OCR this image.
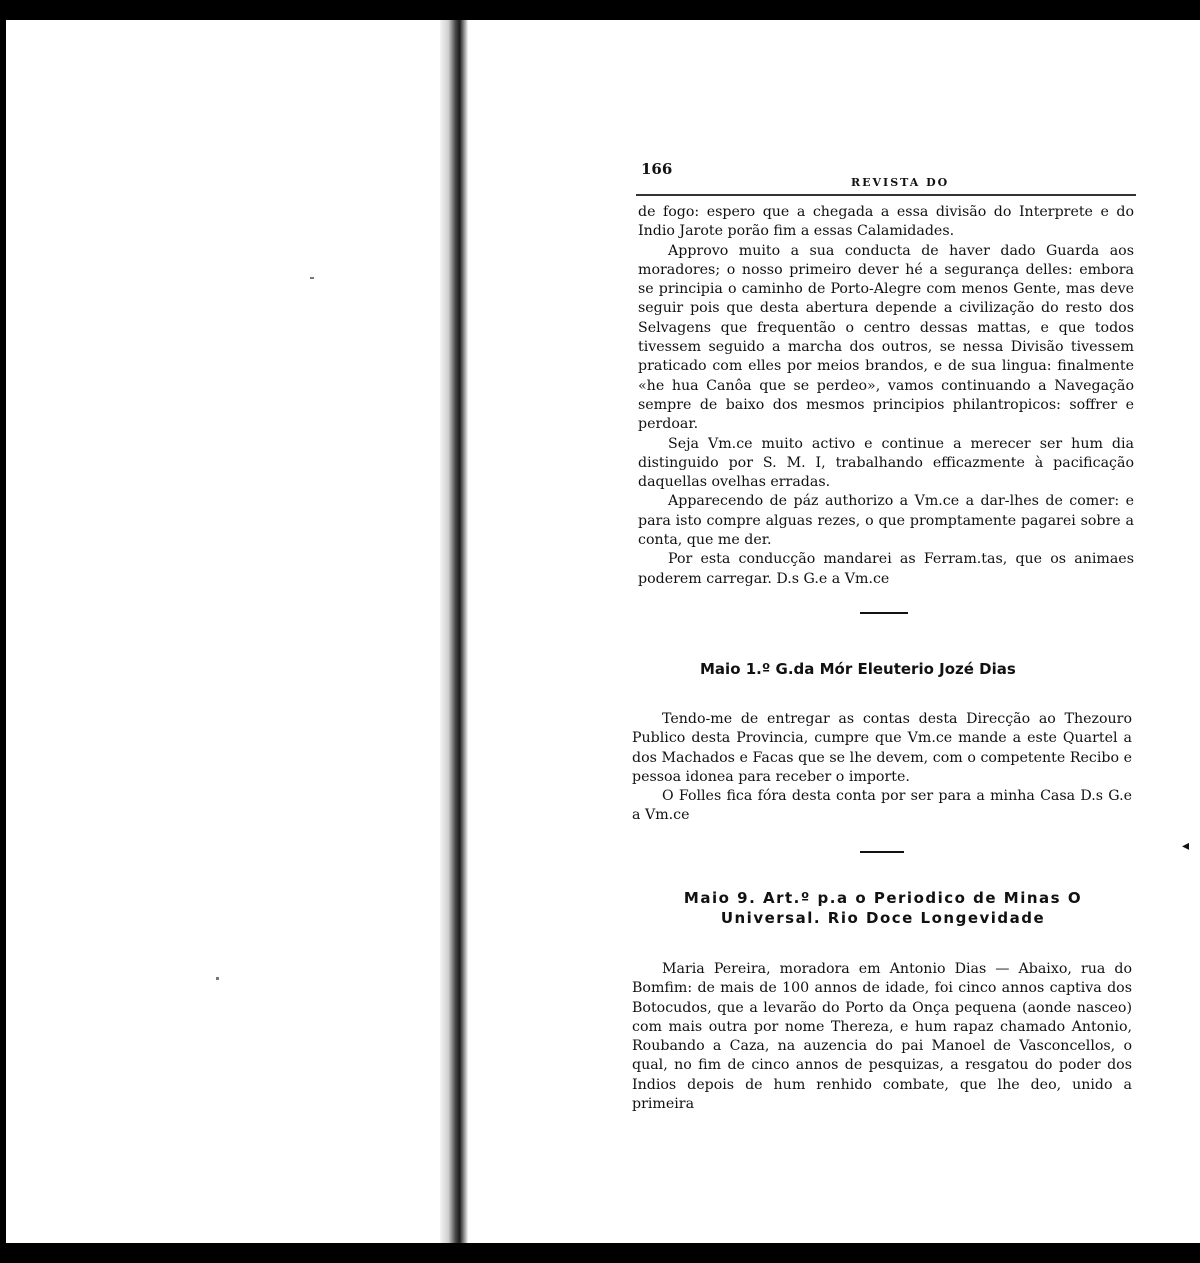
166
REVISTA DO

de fogo: espero que a chegada a essa divisão do Interprete e do Indio Jarote porão fim a essas Calamidades.

Approvo muito a sua conducta de haver dado Guarda aos moradores; o nosso primeiro dever hé a segurança delles: embora se principia o caminho de Porto-Alegre com menos Gente, mas deve seguir pois que desta abertura depende a civilização do resto dos Selvagens que frequentão o centro dessas mattas, e que todos tivessem seguido a marcha dos outros, se nessa Divisão tivessem praticado com elles por meios brandos, e de sua lingua: finalmente «he hua Canôa que se perdeo», vamos continuando a Navegação sempre de baixo dos mesmos principios philantropicos: soffrer e perdoar.

Seja Vm.ce muito activo e continue a merecer ser hum dia distinguido por S. M. I, trabalhando efficazmente à pacificação daquellas ovelhas erradas.

Apparecendo de páz authorizo a Vm.ce a dar-lhes de comer: e para isto compre alguas rezes, o que promptamente pagarei sobre a conta, que me der.

Por esta conducção mandarei as Ferram.tas, que os animaes poderem carregar. D.s G.e a Vm.ce

Maio 1.º G.da Mór Eleuterio Jozé Dias

Tendo-me de entregar as contas desta Direcção ao Thezouro Publico desta Provincia, cumpre que Vm.ce mande a este Quartel a dos Machados e Facas que se lhe devem, com o competente Recibo e pessoa idonea para receber o importe.

O Folles fica fóra desta conta por ser para a minha Casa D.s G.e a Vm.ce

Maio 9. Art.º p.a o Periodico de Minas O Universal. Rio Doce Longevidade

Maria Pereira, moradora em Antonio Dias — Abaixo, rua do Bomfim: de mais de 100 annos de idade, foi cinco annos captiva dos Botocudos, que a levarão do Porto da Onça pequena (aonde nasceo) com mais outra por nome Thereza, e hum rapaz chamado Antonio, Roubando a Caza, na auzencia do pai Manoel de Vasconcellos, o qual, no fim de cinco annos de pesquizas, a resgatou do poder dos Indios depois de hum renhido combate, que lhe deo, unido a primeira

◂
